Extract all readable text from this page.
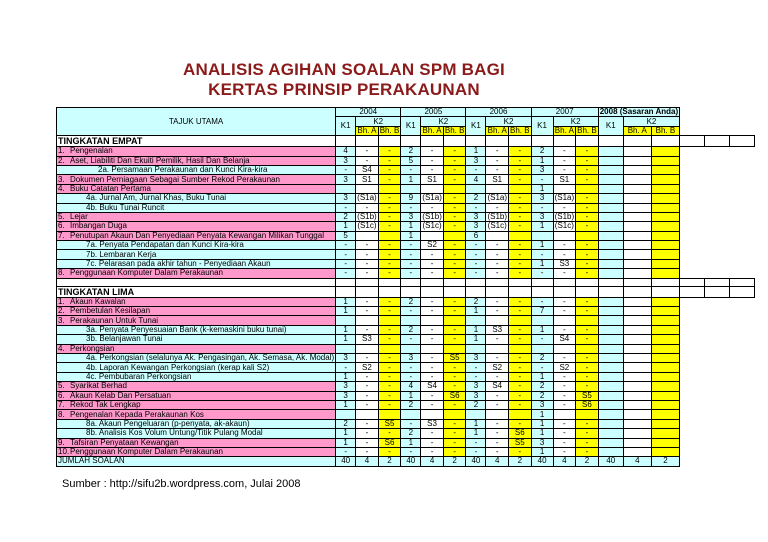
ANALISIS AGIHAN SOALAN SPM BAGI
KERTAS PRINSIP PERAKAUNAN
TAJUK UTAMA	2004			2005			2006			2007			2008 (Sasaran Anda)					
	K1	K2		K1	K2		K1	K2		K1	K2		K1	K2				
		Bh. A	Bh. B		Bh. A	Bh. B		Bh. A	Bh. B		Bh. A	Bh. B		Bh. A	Bh. B			
TINGKATAN EMPAT																		
1. Pengenalan	4	-	-	2	-	-	1	-	-	2	-	-						
2. Aset, Liabiliti Dan Ekuiti Pemilik, Hasil Dan Belanja	3	-	-	5	-	-	3	-	-	1	-	-						
2a. Persamaan Perakaunan dan Kunci Kira-kira	-	S4	-	-	-	-	-	-	-	3	-	-						
3. Dokumen Perniagaan Sebagai Sumber Rekod Perakaunan	3	S1	-	1	S1	-	4	S1	-	-	S1	-						
4. Buku Catatan Pertama										1								
4a. Jurnal Am, Jurnal Khas, Buku Tunai	3	(S1a)	-	9	(S1a)	-	2	(S1a)	-	3	(S1a)	-						
4b. Buku Tunai Runcit	-	-	-	-	-	-	-	-	-	-	-	-						
5. Lejar	2	(S1b)	-	3	(S1b)	-	3	(S1b)	-	3	(S1b)	-						
6. Imbangan Duga	1	(S1c)	-	1	(S1c)	-	3	(S1c)	-	1	(S1c)	-						
7. Penutupan Akaun Dan Penyediaan Penyata Kewangan Milikan Tunggal	5			1			6											
7a. Penyata Pendapatan dan Kunci Kira-kira	-	-	-	-	S2	-	-	-	-	1	-	-						
7b. Lembaran Kerja	-	-	-	-	-	-	-	-	-	-	-	-						
7c. Pelarasan pada akhir tahun - Penyediaan Akaun	-	-	-	-	-	-	-	-	-	1	S3	-						
8. Penggunaan Komputer Dalam Perakaunan	-	-	-	-	-	-	-	-	-	-	-	-						

TINGKATAN LIMA																		
1. Akaun Kawalan	1	-	-	2	-	-	2	-	-	-	-	-						
2. Pembetulan Kesilapan	1	-	-	-	-	-	1	-	-	7	-	-						
3. Perakaunan Untuk Tunai																		
3a. Penyata Penyesuaian Bank (k-kemaskini buku tunai)	1	-	-	2	-	-	1	S3	-	1	-	-						
3b. Belanjawan Tunai	1	S3	-	-	-	-	1	-	-	-	S4	-						
4. Perkongsian																		
4a. Perkongsian (selalunya Ak. Pengasingan, Ak. Semasa, Ak. Modal)	3	-	-	3	-	S5	3	-	-	2	-	-						
4b. Laporan Kewangan Perkongsian (kerap kali S2)	-	S2	-	-	-	-	-	S2	-	-	S2	-						
4c. Pembubaran Perkongsian	1	-	-	-	-	-	-	-	-	1	-	-						
5. Syarikat Berhad	3	-	-	4	S4	-	3	S4	-	2	-	-						
6. Akaun Kelab Dan Persatuan	3	-	-	1	-	S6	3	-	-	2	-	S5						
7. Rekod Tak Lengkap	1	-	-	2	-	-	2	-	-	3	-	S6						
8. Pengenalan Kepada Perakaunan Kos										1								
8a. Akaun Pengeluaran (p-penyata, ak-akaun)	2	-	S5	-	S3	-	1	-	-	1	-	-						
8b. Analisis Kos Volum Untung/Titik Pulang Modal	1	-	-	2	-	-	1	-	S6	1	-	-						
9. Tafsiran Penyataan Kewangan	1	-	S6	1	-	-	-	-	S5	3	-	-						
10.Penggunaan Komputer Dalam Perakaunan	-	-	-	-	-	-	-	-	-	1	-	-						
JUMLAH SOALAN	40	4	2	40	4	2	40	4	2	40	4	2	40	4	2			
Sumber : http://sifu2b.wordpress.com, Julai 2008
